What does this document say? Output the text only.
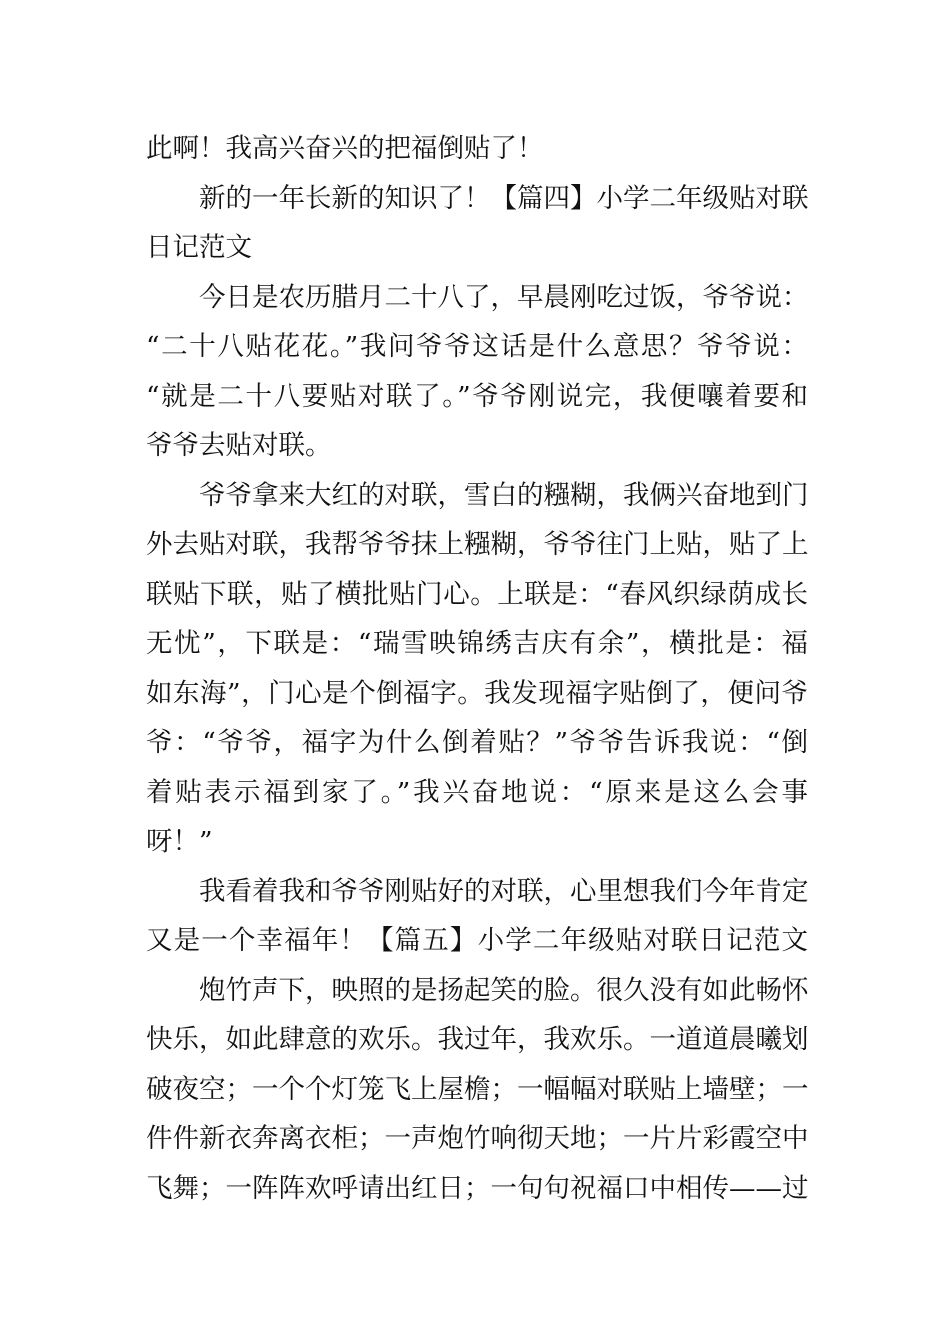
此啊！我高兴奋兴的把福倒贴了！
新的一年长新的知识了！【篇四】小学二年级贴对联
日记范文
今日是农历腊月二十八了，早晨刚吃过饭，爷爷说：
“二十八贴花花。”我问爷爷这话是什么意思？爷爷说：
“就是二十八要贴对联了。”爷爷刚说完，我便嚷着要和
爷爷去贴对联。
爷爷拿来大红的对联，雪白的糨糊，我俩兴奋地到门
外去贴对联，我帮爷爷抹上糨糊，爷爷往门上贴，贴了上
联贴下联，贴了横批贴门心。上联是：“春风织绿荫成长
无忧”，下联是：“瑞雪映锦绣吉庆有余”，横批是：福
如东海”，门心是个倒福字。我发现福字贴倒了，便问爷
爷：“爷爷，福字为什么倒着贴？”爷爷告诉我说：“倒
着贴表示福到家了。”我兴奋地说：“原来是这么会事
呀！”
我看着我和爷爷刚贴好的对联，心里想我们今年肯定
又是一个幸福年！【篇五】小学二年级贴对联日记范文
炮竹声下，映照的是扬起笑的脸。很久没有如此畅怀
快乐，如此肆意的欢乐。我过年，我欢乐。一道道晨曦划
破夜空；一个个灯笼飞上屋檐；一幅幅对联贴上墙壁；一
件件新衣奔离衣柜；一声炮竹响彻天地；一片片彩霞空中
飞舞；一阵阵欢呼请出红日；一句句祝福口中相传——过
